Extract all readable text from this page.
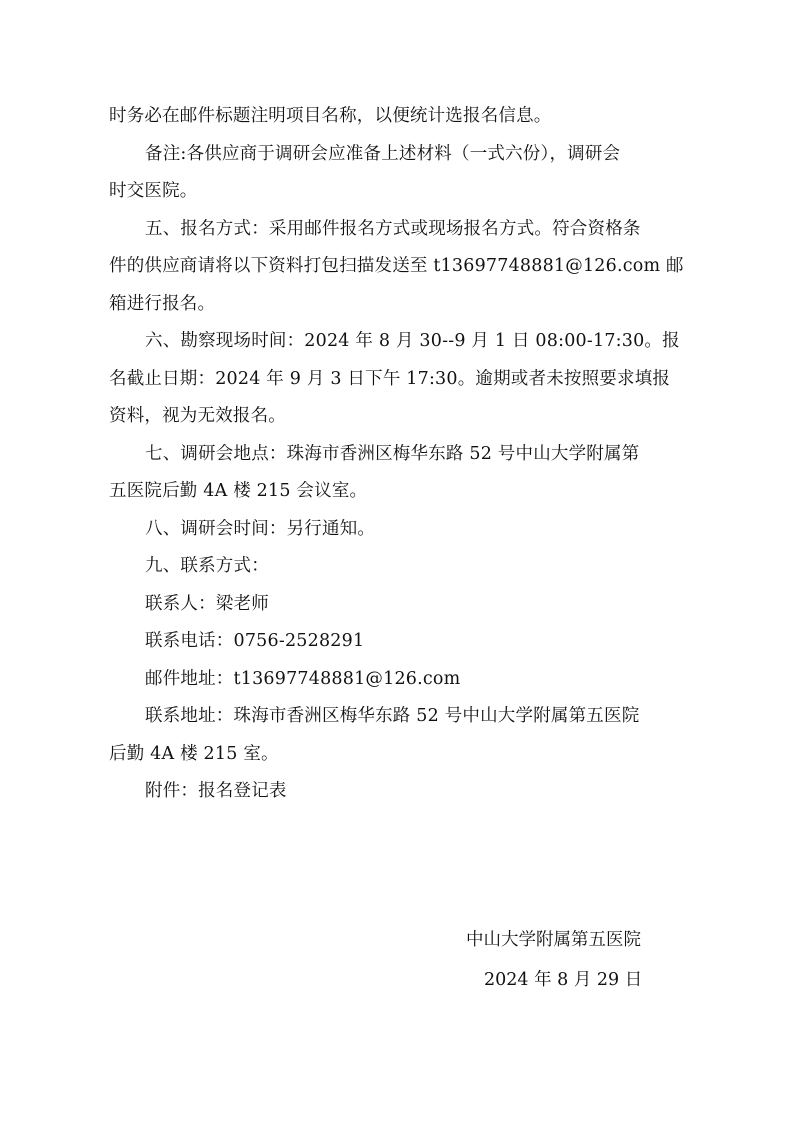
时务必在邮件标题注明项目名称，以便统计选报名信息。
备注:各供应商于调研会应准备上述材料（一式六份），调研会
时交医院。
五、报名方式：采用邮件报名方式或现场报名方式。符合资格条
件的供应商请将以下资料打包扫描发送至 t13697748881@126.com 邮
箱进行报名。
六、勘察现场时间：2024 年 8 月 30--9 月 1 日 08:00-17:30。报
名截止日期：2024 年 9 月 3 日下午 17:30。逾期或者未按照要求填报
资料，视为无效报名。
七、调研会地点：珠海市香洲区梅华东路 52 号中山大学附属第
五医院后勤 4A 楼 215 会议室。
八、调研会时间：另行通知。
九、联系方式：
联系人：梁老师
联系电话：0756-2528291
邮件地址：t13697748881@126.com
联系地址：珠海市香洲区梅华东路 52 号中山大学附属第五医院
后勤 4A 楼 215 室。
附件：报名登记表
中山大学附属第五医院
2024 年 8 月 29 日
